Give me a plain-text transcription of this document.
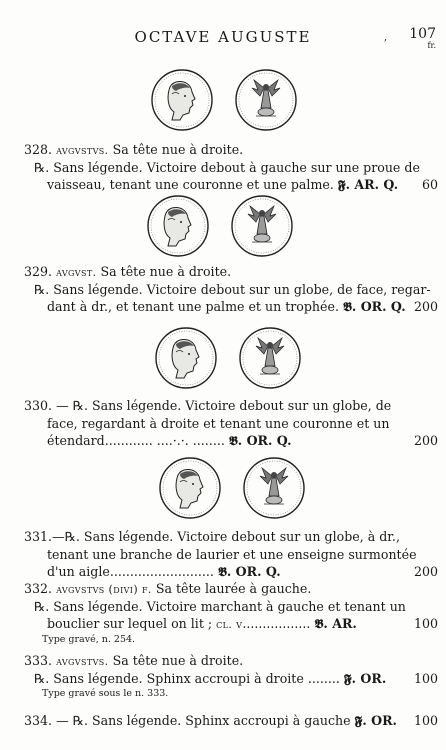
OCTAVE AUGUSTE	, 107
fr.
328. avgvstvs. Sa tête nue à droite.
℞. Sans légende. Victoire debout à gauche sur une proue de
vaisseau, tenant une couronne et une palme. 𝕱. AR. Q. 60
329. avgvst. Sa tête nue à droite.
℞. Sans légende. Victoire debout sur un globe, de face, regar-
dant à dr., et tenant une palme et un trophée. 𝕭. OR. Q. 200
330. — ℞. Sans légende. Victoire debout sur un globe, de
face, regardant à droite et tenant une couronne et un
étendard............ ....·.·. ........ 𝕭. OR. Q.	200
331.—℞. Sans légende. Victoire debout sur un globe, à dr.,
tenant une branche de laurier et une enseigne surmontée
d'un aigle.......................... 𝕭. OR. Q.	200
332. avgvstvs (divi) f. Sa tête laurée à gauche.
℞. Sans légende. Victoire marchant à gauche et tenant un
bouclier sur lequel on lit ; cl. v................. 𝕭. AR.	100
Type gravé, n. 254.
333. avgvstvs. Sa tête nue à droite.
℞. Sans légende. Sphinx accroupi à droite ........ 𝕱. OR. 100
Type gravé sous le n. 333.
334. — ℞. Sans légende. Sphinx accroupi à gauche 𝕱. OR. 100
